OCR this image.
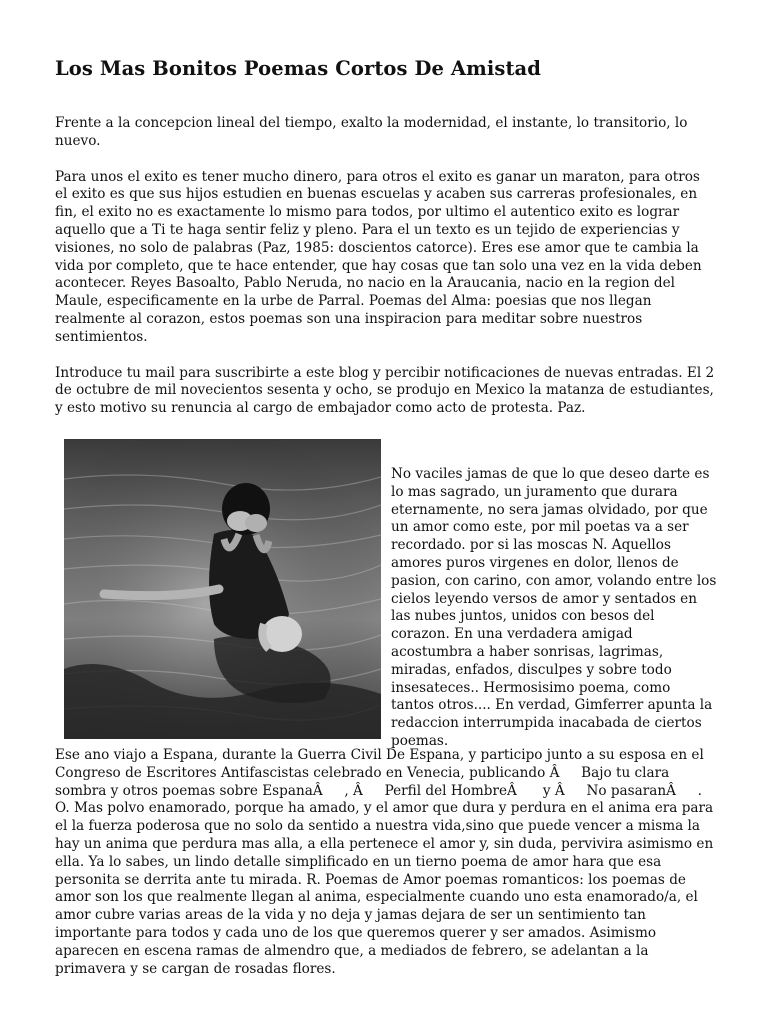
Los Mas Bonitos Poemas Cortos De Amistad

Frente a la concepcion lineal del tiempo, exalto la modernidad, el instante, lo transitorio, lo nuevo.

Para unos el exito es tener mucho dinero, para otros el exito es ganar un maraton, para otros el exito es que sus hijos estudien en buenas escuelas y acaben sus carreras profesionales, en fin, el exito no es exactamente lo mismo para todos, por ultimo el autentico exito es lograr aquello que a Ti te haga sentir feliz y pleno. Para el un texto es un tejido de experiencias y visiones, no solo de palabras (Paz, 1985: doscientos catorce). Eres ese amor que te cambia la vida por completo, que te hace entender, que hay cosas que tan solo una vez en la vida deben acontecer. Reyes Basoalto, Pablo Neruda, no nacio en la Araucania, nacio en la region del Maule, especificamente en la urbe de Parral. Poemas del Alma: poesias que nos llegan realmente al corazon, estos poemas son una inspiracion para meditar sobre nuestros sentimientos.

Introduce tu mail para suscribirte a este blog y percibir notificaciones de nuevas entradas. El 2 de octubre de mil novecientos sesenta y ocho, se produjo en Mexico la matanza de estudiantes, y esto motivo su renuncia al cargo de embajador como acto de protesta. Paz.

No vaciles jamas de que lo que deseo darte es lo mas sagrado, un juramento que durara eternamente, no sera jamas olvidado, por que un amor como este, por mil poetas va a ser recordado. por si las moscas N. Aquellos amores puros virgenes en dolor, llenos de pasion, con carino, con amor, volando entre los cielos leyendo versos de amor y sentados en las nubes juntos, unidos con besos del corazon. En una verdadera amigad acostumbra a haber sonrisas, lagrimas, miradas, enfados, disculpes y sobre todo insesateces.. Hermosisimo poema, como tantos otros.... En verdad, Gimferrer apunta la redaccion interrumpida inacabada de ciertos poemas.

Ese ano viajo a Espana, durante la Guerra Civil De Espana, y participo junto a su esposa en el Congreso de Escritores Antifascistas celebrado en Venecia, publicando ÂBajo tu clara sombra y otros poemas sobre EspanaÂ, ÂPerfil del HombreÂ y ÂNo pasaranÂ. O. Mas polvo enamorado, porque ha amado, y el amor que dura y perdura en el anima era para el la fuerza poderosa que no solo da sentido a nuestra vida,sino que puede vencer a misma la hay un anima que perdura mas alla, a ella pertenece el amor y, sin duda, pervivira asimismo en ella. Ya lo sabes, un lindo detalle simplificado en un tierno poema de amor hara que esa personita se derrita ante tu mirada. R. Poemas de Amor poemas romanticos: los poemas de amor son los que realmente llegan al anima, especialmente cuando uno esta enamorado/a, el amor cubre varias areas de la vida y no deja y jamas dejara de ser un sentimiento tan importante para todos y cada uno de los que queremos querer y ser amados. Asimismo aparecen en escena ramas de almendro que, a mediados de febrero, se adelantan a la primavera y se cargan de rosadas flores.
